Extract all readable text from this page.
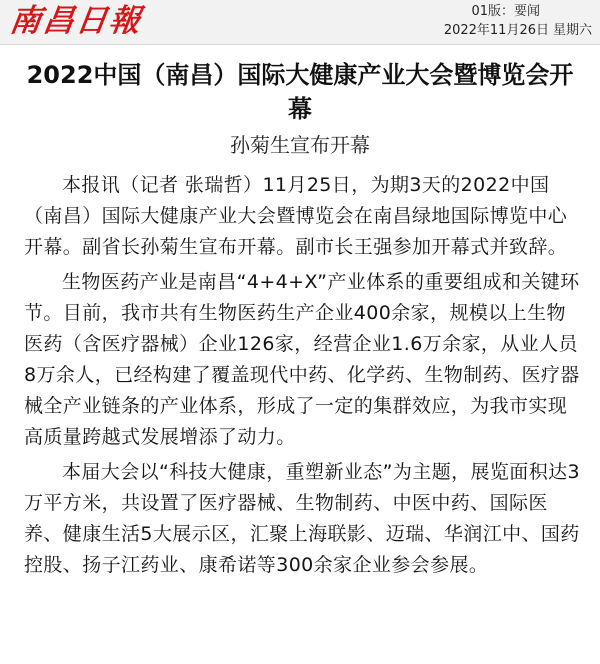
南昌日報	01版：要闻
2022年11月26日 星期六
2022中国（南昌）国际大健康产业大会暨博览会开幕
孙菊生宣布开幕

本报讯（记者 张瑞哲）11月25日，为期3天的2022中国（南昌）国际大健康产业大会暨博览会在南昌绿地国际博览中心开幕。副省长孙菊生宣布开幕。副市长王强参加开幕式并致辞。

生物医药产业是南昌“4+4+X”产业体系的重要组成和关键环节。目前，我市共有生物医药生产企业400余家，规模以上生物医药（含医疗器械）企业126家，经营企业1.6万余家，从业人员8万余人，已经构建了覆盖现代中药、化学药、生物制药、医疗器械全产业链条的产业体系，形成了一定的集群效应，为我市实现高质量跨越式发展增添了动力。

本届大会以“科技大健康，重塑新业态”为主题，展览面积达3万平方米，共设置了医疗器械、生物制药、中医中药、国际医养、健康生活5大展示区，汇聚上海联影、迈瑞、华润江中、国药控股、扬子江药业、康希诺等300余家企业参会参展。
